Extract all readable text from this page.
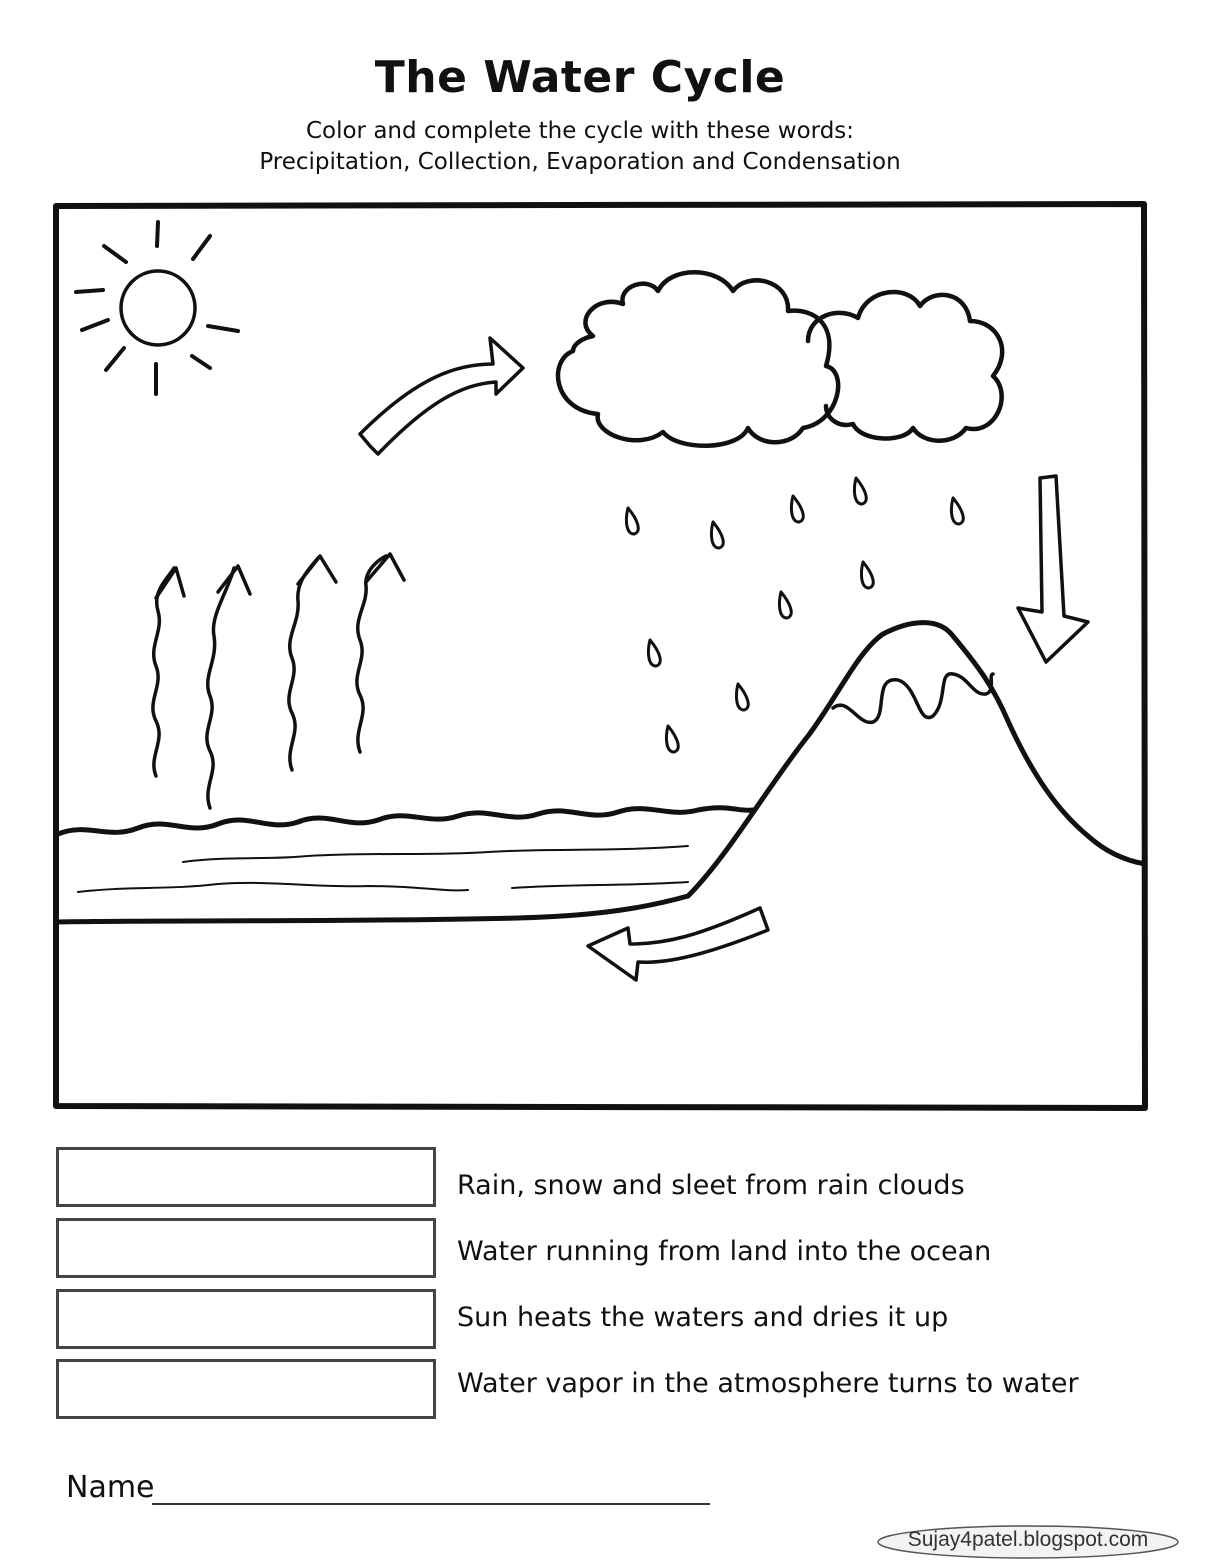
The Water Cycle
Color and complete the cycle with these words:
Precipitation, Collection, Evaporation and Condensation
Rain, snow and sleet from rain clouds
Water running from land into the ocean
Sun heats the waters and dries it up
Water vapor in the atmosphere turns to water
Name
Sujay4patel.blogspot.com
